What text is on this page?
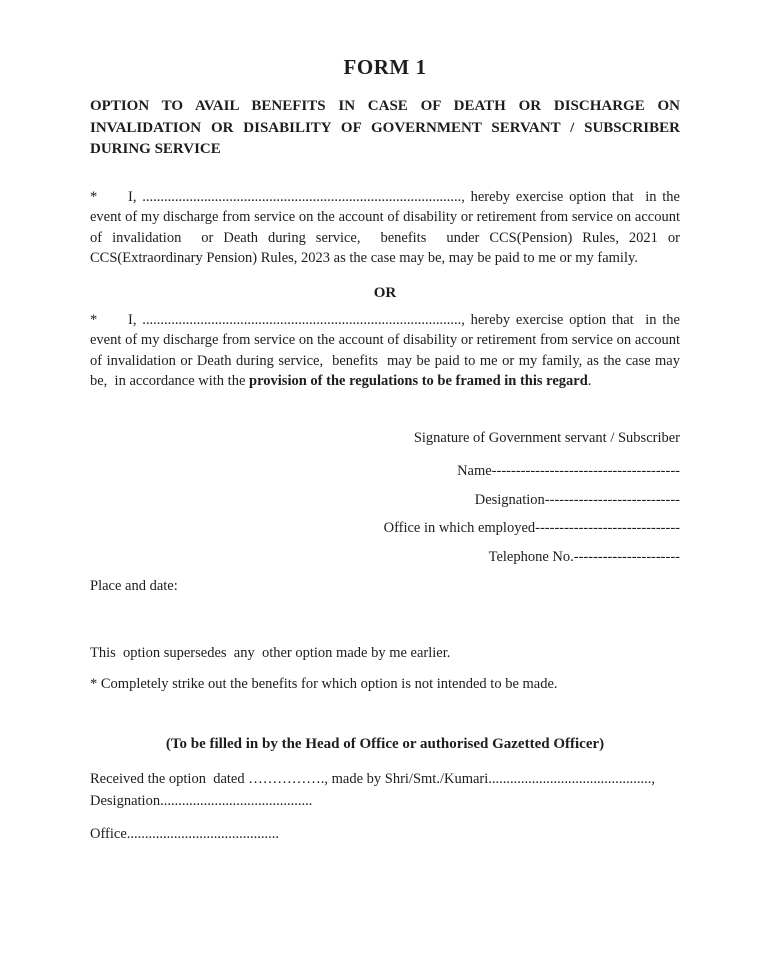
FORM 1
OPTION TO AVAIL BENEFITS IN CASE OF DEATH OR DISCHARGE ON INVALIDATION OR DISABILITY OF GOVERNMENT SERVANT / SUBSCRIBER DURING SERVICE

* I, ........................................................................................, hereby exercise option that  in the event of my discharge from service on the account of disability or retirement from service on account of invalidation  or Death during service,  benefits  under CCS(Pension) Rules, 2021 or CCS(Extraordinary Pension) Rules, 2023 as the case may be, may be paid to me or my family.

OR

* I, ........................................................................................, hereby exercise option that  in the event of my discharge from service on the account of disability or retirement from service on account of invalidation or Death during service,  benefits  may be paid to me or my family, as the case may be,  in accordance with the provision of the regulations to be framed in this regard.

Signature of Government servant / Subscriber
Name---------------------------------------
Designation----------------------------
Office in which employed------------------------------
Telephone No.----------------------
Place and date:
This  option supersedes  any  other option made by me earlier.
* Completely strike out the benefits for which option is not intended to be made.
(To be filled in by the Head of Office or authorised Gazetted Officer)
Received the option  dated ……………., made by Shri/Smt./Kumari.............................................,
Designation..........................................
Office..........................................
